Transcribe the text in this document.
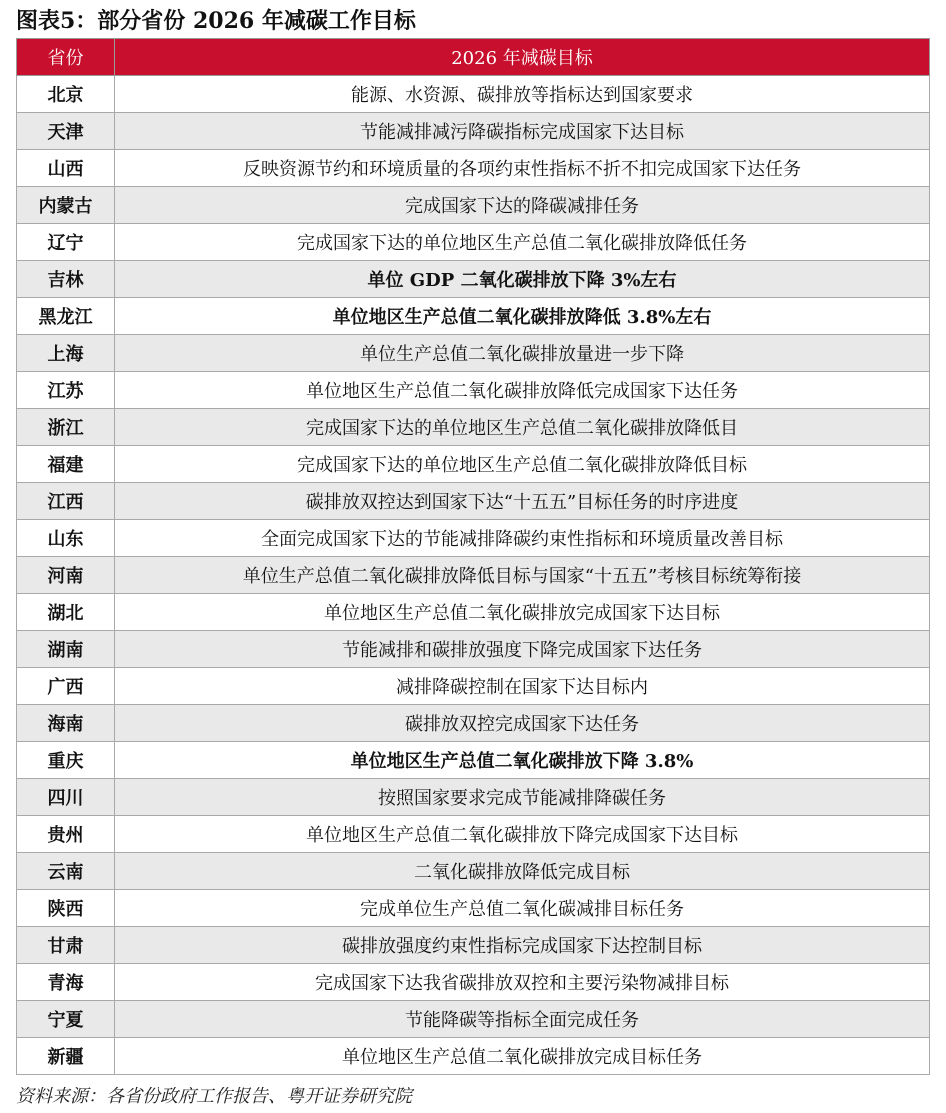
图表5：部分省份 2026 年减碳工作目标
省份	2026 年减碳目标
北京	能源、水资源、碳排放等指标达到国家要求
天津	节能减排减污降碳指标完成国家下达目标
山西	反映资源节约和环境质量的各项约束性指标不折不扣完成国家下达任务
内蒙古	完成国家下达的降碳减排任务
辽宁	完成国家下达的单位地区生产总值二氧化碳排放降低任务
吉林	单位 GDP 二氧化碳排放下降 3%左右
黑龙江	单位地区生产总值二氧化碳排放降低 3.8%左右
上海	单位生产总值二氧化碳排放量进一步下降
江苏	单位地区生产总值二氧化碳排放降低完成国家下达任务
浙江	完成国家下达的单位地区生产总值二氧化碳排放降低目
福建	完成国家下达的单位地区生产总值二氧化碳排放降低目标
江西	碳排放双控达到国家下达“十五五”目标任务的时序进度
山东	全面完成国家下达的节能减排降碳约束性指标和环境质量改善目标
河南	单位生产总值二氧化碳排放降低目标与国家“十五五”考核目标统筹衔接
湖北	单位地区生产总值二氧化碳排放完成国家下达目标
湖南	节能减排和碳排放强度下降完成国家下达任务
广西	减排降碳控制在国家下达目标内
海南	碳排放双控完成国家下达任务
重庆	单位地区生产总值二氧化碳排放下降 3.8%
四川	按照国家要求完成节能减排降碳任务
贵州	单位地区生产总值二氧化碳排放下降完成国家下达目标
云南	二氧化碳排放降低完成目标
陕西	完成单位生产总值二氧化碳减排目标任务
甘肃	碳排放强度约束性指标完成国家下达控制目标
青海	完成国家下达我省碳排放双控和主要污染物减排目标
宁夏	节能降碳等指标全面完成任务
新疆	单位地区生产总值二氧化碳排放完成目标任务
资料来源：各省份政府工作报告、粤开证券研究院
